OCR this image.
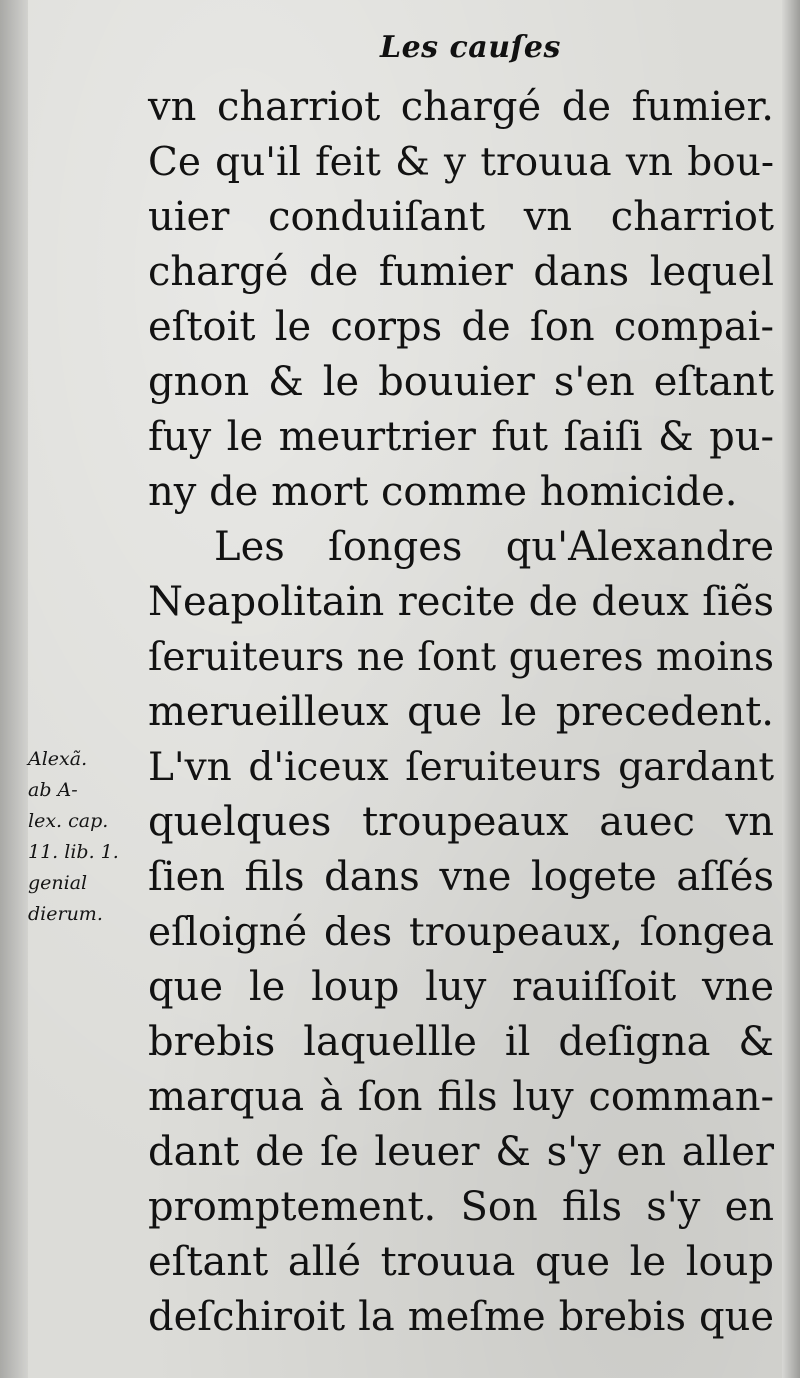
Les cauſes
Alexã.
ab A-
lex. cap.
11. lib. 1.
genial
dierum.
vn charriot chargé de fumier.
Ce qu'il feit & y trouua vn bou-
uier conduiſant vn charriot
chargé de fumier dans lequel
eſtoit le corps de ſon compai-
gnon & le bouuier s'en eſtant
fuy le meurtrier fut ſaiſi & pu-
ny de mort comme homicide.
Les ſonges qu'Alexandre
Neapolitain recite de deux ſiẽs
ſeruiteurs ne ſont gueres moins
merueilleux que le precedent.
L'vn d'iceux ſeruiteurs gardant
quelques troupeaux auec vn
ſien fils dans vne logete aſſés
eſloigné des troupeaux, ſongea
que le loup luy rauiſſoit vne
brebis laquellle il deſigna &
marqua à ſon fils luy comman-
dant de ſe leuer & s'y en aller
promptement. Son fils s'y en
eſtant allé trouua que le loup
deſchiroit la meſme brebis que
